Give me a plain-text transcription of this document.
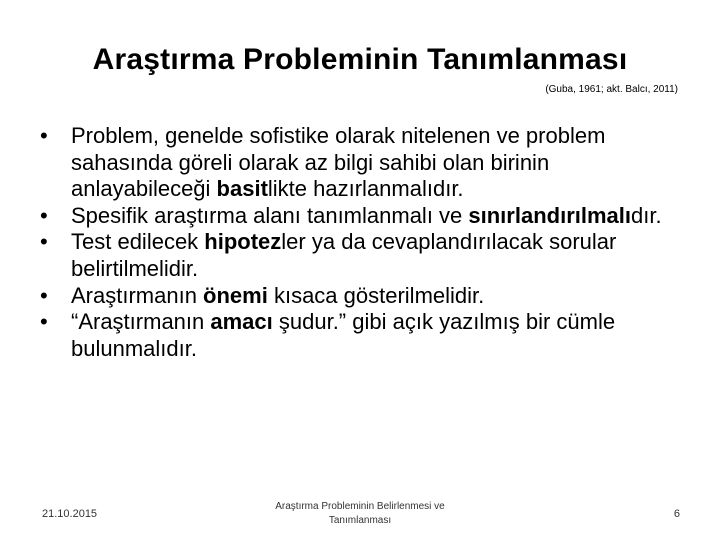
Araştırma Probleminin Tanımlanması
(Guba, 1961; akt. Balcı, 2011)
•	Problem, genelde sofistike olarak nitelenen ve problem sahasında göreli olarak az bilgi sahibi olan birinin anlayabileceği basitlikte hazırlanmalıdır.
•	Spesifik araştırma alanı tanımlanmalı ve sınırlandırılmalıdır.
•	Test edilecek hipotezler ya da cevaplandırılacak sorular belirtilmelidir.
•	Araştırmanın önemi kısaca gösterilmelidir.
•	“Araştırmanın amacı şudur.” gibi açık yazılmış bir cümle bulunmalıdır.
21.10.2015
Araştırma Probleminin Belirlenmesi ve
Tanımlanması
6
